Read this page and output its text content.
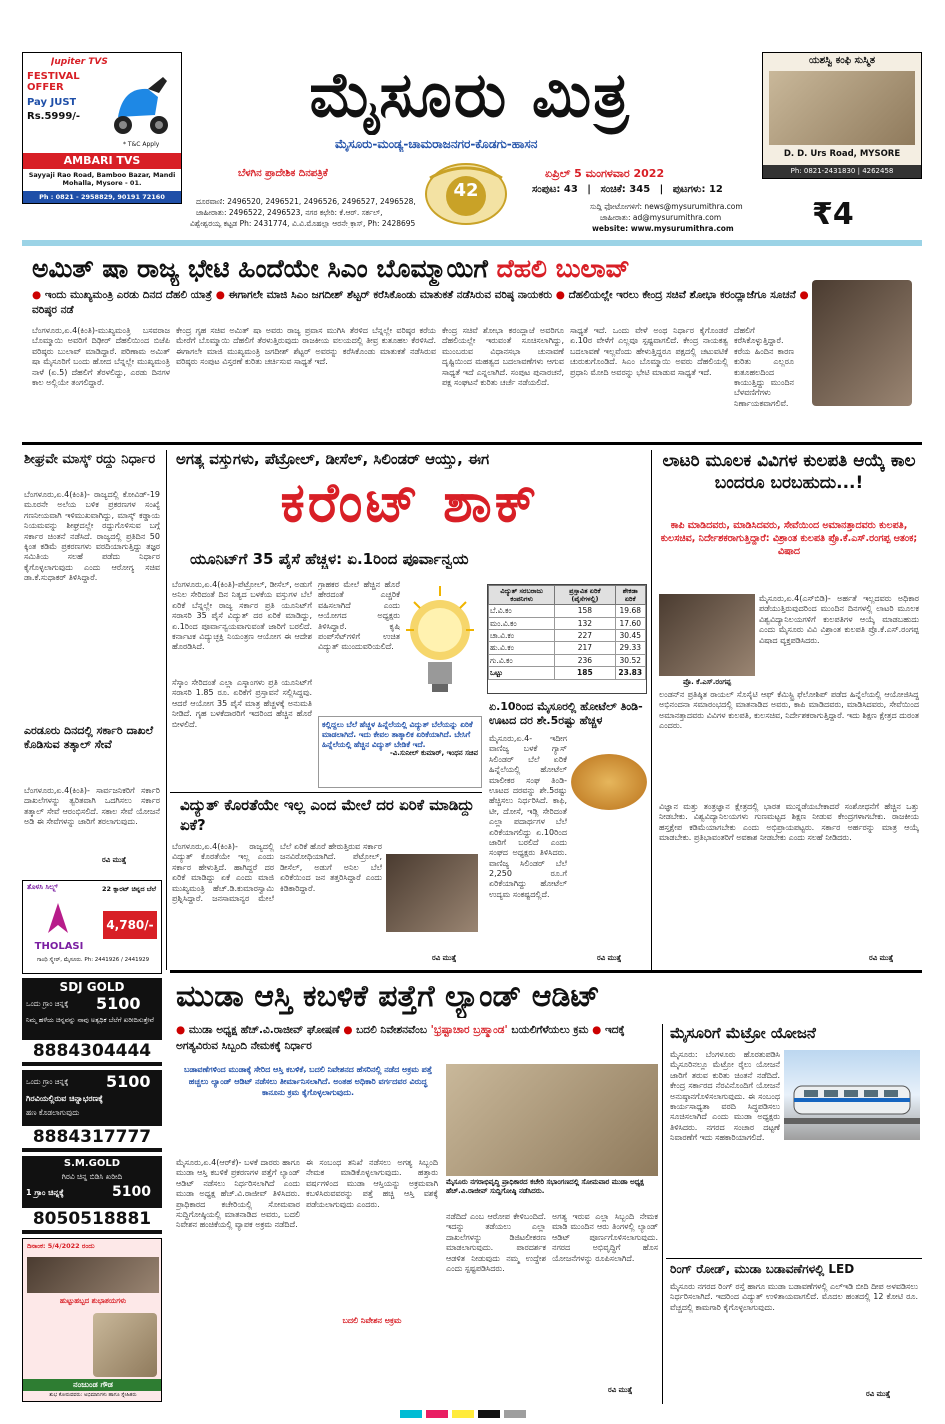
Jupiter TVS
FESTIVAL OFFER
Pay JUST
Rs.5999/-
* T&C Apply
AMBARI TVS
Sayyaji Rao Road, Bamboo Bazar, Mandi Mohalla, Mysore - 01.
Ph : 0821 - 2958829, 90191 72160
ಮೈಸೂರು ಮಿತ್ರ
ಮೈಸೂರು-ಮಂಡ್ಯ-ಚಾಮರಾಜನಗರ-ಕೊಡಗು-ಹಾಸನ
ಬೆಳಗಿನ ಪ್ರಾದೇಶಿಕ ದಿನಪತ್ರಿಕೆ
42
ಏಪ್ರಿಲ್ 5 ಮಂಗಳವಾರ 2022
ಸಂಪುಟ: 43 | ಸಂಚಿಕೆ: 345 | ಪುಟಗಳು: 12
ದೂರವಾಣಿ: 2496520, 2496521, 2496526, 2496527, 2496528,
ಜಾಹೀರಾತು: 2496522, 2496523, ನಗರ ಕಛೇರಿ: ಕೆ.ಆರ್. ಸರ್ಕಲ್,
ವಿಶ್ವೇಶ್ವರಯ್ಯ ಕಟ್ಟಡ Ph: 2431774, ವಿ.ವಿ.ಮೊಹಲ್ಲಾ ಆರನೇ ಕ್ರಾಸ್, Ph: 2428695
ಸುದ್ದಿ ಫೋಟೋಗಳಿಗೆ: news@mysurumithra.com
ಜಾಹೀರಾತು: ad@mysurumithra.com
website: www.mysurumithra.com	₹4
ಯಶಸ್ವಿ ಕಂಫಿ ಸುಸ್ಮಿತ
D. D. Urs Road, MYSORE
Ph: 0821-2431830 | 4262458
ಅಮಿತ್ ಷಾ ರಾಜ್ಯ ಭೇಟಿ ಹಿಂದೆಯೇ ಸಿಎಂ ಬೊಮ್ಮಾಯಿಗೆ ದೆಹಲಿ ಬುಲಾವ್
● ಇಂದು ಮುಖ್ಯಮಂತ್ರಿ ಎರಡು ದಿನದ ದೆಹಲಿ ಯಾತ್ರೆ ● ಈಗಾಗಲೇ ಮಾಜಿ ಸಿಎಂ ಜಗದೀಶ್ ಶೆಟ್ಟರ್ ಕರೆಸಿಕೊಂಡು ಮಾತುಕತೆ ನಡೆಸಿರುವ ವರಿಷ್ಠ ನಾಯಕರು ● ದೆಹಲಿಯಲ್ಲೇ ಇರಲು ಕೇಂದ್ರ ಸಚಿವೆ ಶೋಭಾ ಕರಂದ್ಲಾಜೆಗೂ ಸೂಚನೆ ● ವರಿಷ್ಠರ ನಡೆ
ಬೆಂಗಳೂರು,ಏ.4(ಕಿಂತಿ)-ಮುಖ್ಯಮಂತ್ರಿ ಬಸವರಾಜ ಬೊಮ್ಮಾಯಿ ಅವರಿಗೆ ದಿಢೀರ್ ದೆಹಲಿಯಿಂದ ಬಿಜೆಪಿ ವರಿಷ್ಠರು ಬುಲಾವ್ ಮಾಡಿದ್ದಾರೆ. ಪರಿಣಾಮ ಅಮಿತ್ ಷಾ ಮೈಸೂರಿಗೆ ಬಂದು ಹೋದ ಬೆನ್ನಲ್ಲೇ ಮುಖ್ಯಮಂತ್ರಿ ನಾಳೆ (ಏ.5) ದೆಹಲಿಗೆ ತೆರಳಲಿದ್ದು, ಎರಡು ದಿನಗಳ ಕಾಲ ಅಲ್ಲಿಯೇ ತಂಗಲಿದ್ದಾರೆ.
ಕೇಂದ್ರ ಗೃಹ ಸಚಿವ ಅಮಿತ್ ಷಾ ಅವರು ರಾಜ್ಯ ಪ್ರವಾಸ ಮುಗಿಸಿ ತೆರಳಿದ ಬೆನ್ನಲ್ಲೇ ವರಿಷ್ಠರ ಕರೆಯ ಮೇರೆಗೆ ಬೊಮ್ಮಾಯಿ ದೆಹಲಿಗೆ ತೆರಳುತ್ತಿರುವುದು ರಾಜಕೀಯ ವಲಯದಲ್ಲಿ ತೀವ್ರ ಕುತೂಹಲ ಕೆರಳಿಸಿದೆ. ಈಗಾಗಲೇ ಮಾಜಿ ಮುಖ್ಯಮಂತ್ರಿ ಜಗದೀಶ್ ಶೆಟ್ಟರ್ ಅವರನ್ನು ಕರೆಸಿಕೊಂಡು ಮಾತುಕತೆ ನಡೆಸಿರುವ ವರಿಷ್ಠರು ಸಂಪುಟ ವಿಸ್ತರಣೆ ಕುರಿತು ಚರ್ಚಿಸುವ ಸಾಧ್ಯತೆ ಇದೆ.
ಕೇಂದ್ರ ಸಚಿವೆ ಶೋಭಾ ಕರಂದ್ಲಾಜೆ ಅವರಿಗೂ ದೆಹಲಿಯಲ್ಲೇ ಇರುವಂತೆ ಸೂಚಿಸಲಾಗಿದ್ದು, ಮುಂಬರುವ ವಿಧಾನಸಭಾ ಚುನಾವಣೆ ದೃಷ್ಟಿಯಿಂದ ಮಹತ್ವದ ಬದಲಾವಣೆಗಳು ಆಗುವ ಸಾಧ್ಯತೆ ಇದೆ ಎನ್ನಲಾಗಿದೆ. ಸಂಪುಟ ಪುನಾರಚನೆ, ಪಕ್ಷ ಸಂಘಟನೆ ಕುರಿತು ಚರ್ಚೆ ನಡೆಯಲಿದೆ.
ಸಾಧ್ಯತೆ ಇದೆ. ಒಂದು ವೇಳೆ ಅಂಥ ನಿರ್ಧಾರ ಕೈಗೊಂಡರೆ ಏ.10ರ ವೇಳೆಗೆ ಎಲ್ಲವೂ ಸ್ಪಷ್ಟವಾಗಲಿದೆ. ಕೇಂದ್ರ ನಾಯಕತ್ವ ಬದಲಾವಣೆ ಇಲ್ಲವೆಂದು ಹೇಳುತ್ತಿದ್ದರೂ ಪಕ್ಷದಲ್ಲಿ ಚಟುವಟಿಕೆ ಚುರುಕುಗೊಂಡಿದೆ. ಸಿಎಂ ಬೊಮ್ಮಾಯಿ ಅವರು ದೆಹಲಿಯಲ್ಲಿ ಪ್ರಧಾನಿ ಮೋದಿ ಅವರನ್ನು ಭೇಟಿ ಮಾಡುವ ಸಾಧ್ಯತೆ ಇದೆ.
ದೆಹಲಿಗೆ ಕರೆಸಿಕೊಳ್ಳುತ್ತಿದ್ದಾರೆ. ಕರೆಯ ಹಿಂದಿನ ಕಾರಣ ಕುರಿತು ಎಲ್ಲರೂ ಕುತೂಹಲದಿಂದ ಕಾಯುತ್ತಿದ್ದು ಮುಂದಿನ ಬೆಳವಣಿಗೆಗಳು ನಿರ್ಣಾಯಕವಾಗಲಿವೆ.
ಶೀಘ್ರವೇ ಮಾಸ್ಕ್ ರದ್ದು ನಿರ್ಧಾರ
ಬೆಂಗಳೂರು,ಏ.4(ಕಿಂತಿ)- ರಾಜ್ಯದಲ್ಲಿ ಕೋವಿಡ್-19 ಮೂರನೇ ಅಲೆಯ ಬಳಿಕ ಪ್ರಕರಣಗಳ ಸಂಖ್ಯೆ ಗಣನೀಯವಾಗಿ ಇಳಿಮುಖವಾಗಿದ್ದು, ಮಾಸ್ಕ್ ಕಡ್ಡಾಯ ನಿಯಮವನ್ನು ಶೀಘ್ರದಲ್ಲೇ ರದ್ದುಗೊಳಿಸುವ ಬಗ್ಗೆ ಸರ್ಕಾರ ಚಿಂತನೆ ನಡೆಸಿದೆ. ರಾಜ್ಯದಲ್ಲಿ ಪ್ರತಿದಿನ 50 ಕ್ಕಿಂತ ಕಡಿಮೆ ಪ್ರಕರಣಗಳು ವರದಿಯಾಗುತ್ತಿದ್ದು ತಜ್ಞರ ಸಮಿತಿಯ ಸಲಹೆ ಪಡೆದು ನಿರ್ಧಾರ ಕೈಗೊಳ್ಳಲಾಗುವುದು ಎಂದು ಆರೋಗ್ಯ ಸಚಿವ ಡಾ.ಕೆ.ಸುಧಾಕರ್ ತಿಳಿಸಿದ್ದಾರೆ.
ಎರಡೂರು ದಿನದಲ್ಲಿ ಸರ್ಕಾರಿ ದಾಖಲೆ ಕೊಡಿಸುವ ತತ್ಕಾಲ್ ಸೇವೆ
ಬೆಂಗಳೂರು,ಏ.4(ಕಿಂತಿ)- ಸಾರ್ವಜನಿಕರಿಗೆ ಸರ್ಕಾರಿ ದಾಖಲೆಗಳನ್ನು ತ್ವರಿತವಾಗಿ ಒದಗಿಸಲು ಸರ್ಕಾರ ತತ್ಕಾಲ್ ಸೇವೆ ಆರಂಭಿಸಲಿದೆ. ಸಕಾಲ ಸೇವೆ ಯೋಜನೆ ಅಡಿ ಈ ಸೇವೆಗಳನ್ನು ಜಾರಿಗೆ ತರಲಾಗುವುದು.
ರವಿ ಮುತ್ತೈ
ಅಗತ್ಯ ವಸ್ತುಗಳು, ಪೆಟ್ರೋಲ್, ಡೀಸೆಲ್, ಸಿಲಿಂಡರ್ ಆಯ್ತು, ಈಗ
ಕರೆಂಟ್ ಶಾಕ್
ಯೂನಿಟ್‌ಗೆ 35 ಪೈಸೆ ಹೆಚ್ಚಳ: ಏ.1ರಿಂದ ಪೂರ್ವಾನ್ವಯ
ಬೆಂಗಳೂರು,ಏ.4(ಕಿಂತಿ)-ಪೆಟ್ರೋಲ್, ಡೀಸೆಲ್, ಅಡುಗೆ ಅನಿಲ ಸೇರಿದಂತೆ ದಿನ ನಿತ್ಯದ ಬಳಕೆಯ ವಸ್ತುಗಳ ಬೆಲೆ ಏರಿಕೆ ಬೆನ್ನಲ್ಲೇ ರಾಜ್ಯ ಸರ್ಕಾರ ಪ್ರತಿ ಯೂನಿಟ್‌ಗೆ ಸರಾಸರಿ 35 ಪೈಸೆ ವಿದ್ಯುತ್ ದರ ಏರಿಕೆ ಮಾಡಿದ್ದು, ಏ.1ರಿಂದ ಪೂರ್ವಾನ್ವಯವಾಗುವಂತೆ ಜಾರಿಗೆ ಬರಲಿದೆ. ಕರ್ನಾಟಕ ವಿದ್ಯುಚ್ಛಕ್ತಿ ನಿಯಂತ್ರಣ ಆಯೋಗ ಈ ಆದೇಶ ಹೊರಡಿಸಿದೆ.
ಸೆಸ್ಕಾಂ ಸೇರಿದಂತೆ ಎಲ್ಲಾ ಎಸ್ಕಾಂಗಳು ಪ್ರತಿ ಯೂನಿಟ್‌ಗೆ ಸರಾಸರಿ 1.85 ರೂ. ಏರಿಕೆಗೆ ಪ್ರಸ್ತಾವನೆ ಸಲ್ಲಿಸಿದ್ದವು. ಆದರೆ ಆಯೋಗ 35 ಪೈಸೆ ಮಾತ್ರ ಹೆಚ್ಚಳಕ್ಕೆ ಅನುಮತಿ ನೀಡಿದೆ. ಗೃಹ ಬಳಕೆದಾರರಿಗೆ ಇದರಿಂದ ಹೆಚ್ಚಿನ ಹೊರೆ ಬೀಳಲಿದೆ.
ಗ್ರಾಹಕರ ಮೇಲೆ ಹೆಚ್ಚಿನ ಹೊರೆ ಹೇರದಂತೆ ಎಚ್ಚರಿಕೆ ವಹಿಸಲಾಗಿದೆ ಎಂದು ಆಯೋಗದ ಅಧ್ಯಕ್ಷರು ತಿಳಿಸಿದ್ದಾರೆ. ಕೃಷಿ ಪಂಪ್‌ಸೆಟ್‌ಗಳಿಗೆ ಉಚಿತ ವಿದ್ಯುತ್ ಮುಂದುವರಿಯಲಿದೆ.
ಕಲ್ಲಿದ್ದಲು ಬೆಲೆ ಹೆಚ್ಚಳ ಹಿನ್ನೆಲೆಯಲ್ಲಿ ವಿದ್ಯುತ್ ಬೆಲೆಯನ್ನು ಏರಿಕೆ ಮಾಡಲಾಗಿದೆ. ಇದು ಕೇವಲ ತಾತ್ಕಾಲಿಕ ಏರಿಕೆಯಾಗಿದೆ. ಬೇಸಿಗೆ ಹಿನ್ನೆಲೆಯಲ್ಲಿ ಹೆಚ್ಚಿನ ವಿದ್ಯುತ್ ಬೇಡಿಕೆ ಇದೆ.
-ವಿ.ಸುನೀಲ್ ಕುಮಾರ್, ಇಂಧನ ಸಚಿವ
ವಿದ್ಯುತ್ ಸರಬರಾಜು ಕಂಪನಿಗಳು	ಪ್ರಸ್ತಾವಿತ ಏರಿಕೆ (ಪೈಸೆಗಳಲ್ಲಿ)	ಶೇಕಡಾ ಏರಿಕೆ
ಬೆ.ವಿ.ಕಂ	158	19.68
ಮಂ.ವಿ.ಕಂ	132	17.60
ಚಾ.ವಿ.ಕಂ	227	30.45
ಹು.ವಿ.ಕಂ	217	29.33
ಗು.ವಿ.ಕಂ	236	30.52
ಒಟ್ಟು	185	23.83
ಏ.10ರಿಂದ ಮೈಸೂರಲ್ಲಿ ಹೋಟೆಲ್ ತಿಂಡಿ-ಊಟದ ದರ ಶೇ.5ರಷ್ಟು ಹೆಚ್ಚಳ
ಮೈಸೂರು,ಏ.4- ಇದೀಗ ವಾಣಿಜ್ಯ ಬಳಕೆ ಗ್ಯಾಸ್ ಸಿಲಿಂಡರ್ ಬೆಲೆ ಏರಿಕೆ ಹಿನ್ನೆಲೆಯಲ್ಲಿ ಹೋಟೆಲ್ ಮಾಲೀಕರ ಸಂಘ ತಿಂಡಿ-ಊಟದ ದರವನ್ನು ಶೇ.5ರಷ್ಟು ಹೆಚ್ಚಿಸಲು ನಿರ್ಧರಿಸಿದೆ. ಕಾಫಿ, ಟೀ, ದೋಸೆ, ಇಡ್ಲಿ ಸೇರಿದಂತೆ ಎಲ್ಲಾ ಪದಾರ್ಥಗಳ ಬೆಲೆ ಏರಿಕೆಯಾಗಲಿದ್ದು ಏ.10ರಿಂದ ಜಾರಿಗೆ ಬರಲಿದೆ ಎಂದು ಸಂಘದ ಅಧ್ಯಕ್ಷರು ತಿಳಿಸಿದರು. ವಾಣಿಜ್ಯ ಸಿಲಿಂಡರ್ ಬೆಲೆ 2,250 ರೂ.ಗೆ ಏರಿಕೆಯಾಗಿದ್ದು ಹೋಟೆಲ್ ಉದ್ಯಮ ಸಂಕಷ್ಟದಲ್ಲಿದೆ.
ರವಿ ಮುತ್ತೈ
ವಿದ್ಯುತ್ ಕೊರತೆಯೇ ಇಲ್ಲ ಎಂದ ಮೇಲೆ ದರ ಏರಿಕೆ ಮಾಡಿದ್ದು ಏಕೆ?
ಬೆಂಗಳೂರು,ಏ.4(ಕಿಂತಿ)- ರಾಜ್ಯದಲ್ಲಿ ವಿದ್ಯುತ್ ಕೊರತೆಯೇ ಇಲ್ಲ ಎಂದು ಸರ್ಕಾರ ಹೇಳುತ್ತಿದೆ. ಹಾಗಿದ್ದರೆ ದರ ಏರಿಕೆ ಮಾಡಿದ್ದು ಏಕೆ ಎಂದು ಮಾಜಿ ಮುಖ್ಯಮಂತ್ರಿ ಹೆಚ್.ಡಿ.ಕುಮಾರಸ್ವಾಮಿ ಪ್ರಶ್ನಿಸಿದ್ದಾರೆ. ಜನಸಾಮಾನ್ಯರ ಮೇಲೆ ಬೆಲೆ ಏರಿಕೆ ಹೊರೆ ಹೇರುತ್ತಿರುವ ಸರ್ಕಾರ ಜನವಿರೋಧಿಯಾಗಿದೆ. ಪೆಟ್ರೋಲ್, ಡೀಸೆಲ್, ಅಡುಗೆ ಅನಿಲ ಬೆಲೆ ಏರಿಕೆಯಿಂದ ಜನ ತತ್ತರಿಸಿದ್ದಾರೆ ಎಂದು ಕಿಡಿಕಾರಿದ್ದಾರೆ.
ರವಿ ಮುತ್ತೈ
ಲಾಟರಿ ಮೂಲಕ ವಿವಿಗಳ ಕುಲಪತಿ ಆಯ್ಕೆ ಕಾಲ ಬಂದರೂ ಬರಬಹುದು...!
ಕಾಪಿ ಮಾಡಿದವರು, ಮಾಡಿಸಿದವರು, ಸೇವೆಯಿಂದ ಅಮಾನತ್ತಾದವರು ಕುಲಪತಿ, ಕುಲಸಚಿವ, ನಿರ್ದೇಶಕರಾಗುತ್ತಿದ್ದಾರೆ: ವಿಶ್ರಾಂತ ಕುಲಪತಿ ಪ್ರೊ.ಕೆ.ಎಸ್.ರಂಗಪ್ಪ ಆತಂಕ; ವಿಷಾದ
ಪ್ರೊ. ಕೆ.ಎಸ್.ರಂಗಪ್ಪ
ಮೈಸೂರು,ಏ.4(ಎಸ್‌ಬಿಡಿ)- ಅರ್ಹತೆ ಇಲ್ಲದವರು ಅಧಿಕಾರ ಪಡೆಯುತ್ತಿರುವುದರಿಂದ ಮುಂದಿನ ದಿನಗಳಲ್ಲಿ ಲಾಟರಿ ಮೂಲಕ ವಿಶ್ವವಿದ್ಯಾನಿಲಯಗಳಿಗೆ ಕುಲಪತಿಗಳ ಆಯ್ಕೆ ಮಾಡಬಹುದು ಎಂದು ಮೈಸೂರು ವಿವಿ ವಿಶ್ರಾಂತ ಕುಲಪತಿ ಪ್ರೊ.ಕೆ.ಎಸ್.ರಂಗಪ್ಪ ವಿಷಾದ ವ್ಯಕ್ತಪಡಿಸಿದರು.
ಲಂಡನ್‌ನ ಪ್ರತಿಷ್ಠಿತ ರಾಯಲ್ ಸೊಸೈಟಿ ಆಫ್ ಕೆಮಿಸ್ಟ್ರಿ ಫೆಲೋಶಿಪ್ ಪಡೆದ ಹಿನ್ನೆಲೆಯಲ್ಲಿ ಆಯೋಜಿಸಿದ್ದ ಅಭಿನಂದನಾ ಸಮಾರಂಭದಲ್ಲಿ ಮಾತನಾಡಿದ ಅವರು, ಕಾಪಿ ಮಾಡಿದವರು, ಮಾಡಿಸಿದವರು, ಸೇವೆಯಿಂದ ಅಮಾನತ್ತಾದವರು ವಿವಿಗಳ ಕುಲಪತಿ, ಕುಲಸಚಿವ, ನಿರ್ದೇಶಕರಾಗುತ್ತಿದ್ದಾರೆ. ಇದು ಶಿಕ್ಷಣ ಕ್ಷೇತ್ರದ ದುರಂತ ಎಂದರು.
ವಿಜ್ಞಾನ ಮತ್ತು ತಂತ್ರಜ್ಞಾನ ಕ್ಷೇತ್ರದಲ್ಲಿ ಭಾರತ ಮುನ್ನಡೆಯಬೇಕಾದರೆ ಸಂಶೋಧನೆಗೆ ಹೆಚ್ಚಿನ ಒತ್ತು ನೀಡಬೇಕು. ವಿಶ್ವವಿದ್ಯಾನಿಲಯಗಳು ಗುಣಮಟ್ಟದ ಶಿಕ್ಷಣ ನೀಡುವ ಕೇಂದ್ರಗಳಾಗಬೇಕು. ರಾಜಕೀಯ ಹಸ್ತಕ್ಷೇಪ ಕಡಿಮೆಯಾಗಬೇಕು ಎಂದು ಅಭಿಪ್ರಾಯಪಟ್ಟರು. ಸರ್ಕಾರ ಅರ್ಹರನ್ನು ಮಾತ್ರ ಆಯ್ಕೆ ಮಾಡಬೇಕು. ಪ್ರತಿಭಾವಂತರಿಗೆ ಅವಕಾಶ ನೀಡಬೇಕು ಎಂದು ಸಲಹೆ ನೀಡಿದರು.
ರವಿ ಮುತ್ತೈ
ತೊಳಸಿ ಸಿಲ್ಕ್ಸ್	22 ಕ್ಯಾರಟ್ ಚಿನ್ನದ ಬೆಲೆ
THOLASI
4,780/-
ಗಾಂಧಿ ಸ್ಕ್ವೇರ್, ಮೈಸೂರು. Ph: 2441926 / 2441929
SDJ GOLD
ಒಂದು ಗ್ರಾಂ ಚಿನ್ನಕ್ಕೆ 5100
ನಿಮ್ಮ ಹಳೆಯ ಚಿನ್ನವನ್ನು ನಾವು ಅತ್ಯಧಿಕ ಬೆಲೆಗೆ ಖರೀದಿಸುತ್ತೇವೆ
8884304444
ಒಂದು ಗ್ರಾಂ ಚಿನ್ನಕ್ಕೆ 5100
ಗಿರವಿಯಲ್ಲಿರುವ ಚಿನ್ನಾಭರಣಕ್ಕೆ
ಹಣ ಕೊಡಲಾಗುವುದು
8884317777
S.M.GOLD
ಗಿರವಿ ಚಿನ್ನ ಬಿಡಿಸಿ ಖರೀದಿ
1 ಗ್ರಾಂ ಚಿನ್ನಕ್ಕೆ	5100
8050518881
ದಿನಾಂಕ: 5/4/2022 ರಂದು
ಹುಟ್ಟುಹಬ್ಬದ ಶುಭಾಶಯಗಳು
ನಂಜುಂಡ ಗೌಡ
ಶುಭ ಕೋರುವವರು: ಅಭಿಮಾನಿಗಳು ಹಾಗೂ ಸ್ನೇಹಿತರು
ಮುಡಾ ಆಸ್ತಿ ಕಬಳಿಕೆ ಪತ್ತೆಗೆ ಲ್ಯಾಂಡ್ ಆಡಿಟ್
● ಮುಡಾ ಅಧ್ಯಕ್ಷ ಹೆಚ್.ವಿ.ರಾಜೀವ್ ಘೋಷಣೆ ● ಬದಲಿ ನಿವೇಶನವೆಂಬ 'ಭ್ರಷ್ಟಾಚಾರ ಬ್ರಹ್ಮಾಂಡ' ಬಯಲಿಗೆಳೆಯಲು ಕ್ರಮ ● ಇದಕ್ಕೆ ಅಗತ್ಯವಿರುವ ಸಿಬ್ಬಂದಿ ನೇಮಕಕ್ಕೆ ನಿರ್ಧಾರ
ಬಡಾವಣೆಗಳಿಂದ ಮುಡಾಕ್ಕೆ ಸೇರಿದ ಆಸ್ತಿ ಕಬಳಿಕೆ, ಬದಲಿ ನಿವೇಶನದ ಹೆಸರಿನಲ್ಲಿ ನಡೆದ ಅಕ್ರಮ ಪತ್ತೆ ಹಚ್ಚಲು ಲ್ಯಾಂಡ್ ಆಡಿಟ್ ನಡೆಸಲು ತೀರ್ಮಾನಿಸಲಾಗಿದೆ. ಅಂತಹ ಅಧಿಕಾರಿ ವರ್ಗದವರ ವಿರುದ್ಧ ಕಾನೂನು ಕ್ರಮ ಕೈಗೊಳ್ಳಲಾಗುವುದು.
ಮೈಸೂರು ನಗರಾಭಿವೃದ್ಧಿ ಪ್ರಾಧಿಕಾರದ ಕಚೇರಿ ಸಭಾಂಗಣದಲ್ಲಿ ಸೋಮವಾರ ಮುಡಾ ಅಧ್ಯಕ್ಷ ಹೆಚ್.ವಿ.ರಾಜೀವ್ ಸುದ್ದಿಗೋಷ್ಠಿ ನಡೆಸಿದರು.
ಮೈಸೂರು,ಏ.4(ಆರ್‌ಕೆ)- ಬಳಕೆ ದಾರರು ಹಾಗೂ ಮುಡಾ ಆಸ್ತಿ ಕಬಳಿಕೆ ಪ್ರಕರಣಗಳ ಪತ್ತೆಗೆ ಲ್ಯಾಂಡ್ ಆಡಿಟ್ ನಡೆಸಲು ನಿರ್ಧರಿಸಲಾಗಿದೆ ಎಂದು ಮುಡಾ ಅಧ್ಯಕ್ಷ ಹೆಚ್.ವಿ.ರಾಜೀವ್ ತಿಳಿಸಿದರು. ಪ್ರಾಧಿಕಾರದ ಕಚೇರಿಯಲ್ಲಿ ಸೋಮವಾರ ಸುದ್ದಿಗೋಷ್ಠಿಯಲ್ಲಿ ಮಾತನಾಡಿದ ಅವರು, ಬದಲಿ ನಿವೇಶನ ಹಂಚಿಕೆಯಲ್ಲಿ ವ್ಯಾಪಕ ಅಕ್ರಮ ನಡೆದಿದೆ.
ಈ ಸಂಬಂಧ ತನಿಖೆ ನಡೆಸಲು ಅಗತ್ಯ ಸಿಬ್ಬಂದಿ ನೇಮಕ ಮಾಡಿಕೊಳ್ಳಲಾಗುವುದು. ಹತ್ತಾರು ವರ್ಷಗಳಿಂದ ಮುಡಾ ಆಸ್ತಿಯನ್ನು ಅಕ್ರಮವಾಗಿ ಕಬಳಿಸಿರುವವರನ್ನು ಪತ್ತೆ ಹಚ್ಚಿ ಆಸ್ತಿ ವಶಕ್ಕೆ ಪಡೆಯಲಾಗುವುದು ಎಂದರು.
ಬದಲಿ ನಿವೇಶನ ಅಕ್ರಮ
ನಡೆದಿದೆ ಎಂಬ ಆರೋಪ ಕೇಳಿಬಂದಿದೆ. ಇದನ್ನು ತಡೆಯಲು ಎಲ್ಲಾ ದಾಖಲೆಗಳನ್ನು ಡಿಜಿಟಲೀಕರಣ ಮಾಡಲಾಗುವುದು. ಪಾರದರ್ಶಕ ಆಡಳಿತ ನೀಡುವುದು ನಮ್ಮ ಉದ್ದೇಶ ಎಂದು ಸ್ಪಷ್ಟಪಡಿಸಿದರು.
ಅಗತ್ಯ ಇರುವ ಎಲ್ಲಾ ಸಿಬ್ಬಂದಿ ನೇಮಕ ಮಾಡಿ ಮುಂದಿನ ಆರು ತಿಂಗಳಲ್ಲಿ ಲ್ಯಾಂಡ್ ಆಡಿಟ್ ಪೂರ್ಣಗೊಳಿಸಲಾಗುವುದು. ನಗರದ ಅಭಿವೃದ್ಧಿಗೆ ಹೊಸ ಯೋಜನೆಗಳನ್ನು ರೂಪಿಸಲಾಗಿದೆ.
ರವಿ ಮುತ್ತೈ
ಮೈಸೂರಿಗೆ ಮೆಟ್ರೋ ಯೋಜನೆ
ಮೈಸೂರು: ಬೆಂಗಳೂರು ಹೊರತುಪಡಿಸಿ ಮೈಸೂರಿನಲ್ಲೂ ಮೆಟ್ರೋ ರೈಲು ಯೋಜನೆ ಜಾರಿಗೆ ತರುವ ಕುರಿತು ಚಿಂತನೆ ನಡೆದಿದೆ. ಕೇಂದ್ರ ಸರ್ಕಾರದ ನೆರವಿನೊಂದಿಗೆ ಯೋಜನೆ ಅನುಷ್ಠಾನಗೊಳಿಸಲಾಗುವುದು. ಈ ಸಂಬಂಧ ಕಾರ್ಯಸಾಧ್ಯತಾ ವರದಿ ಸಿದ್ಧಪಡಿಸಲು ಸೂಚಿಸಲಾಗಿದೆ ಎಂದು ಮುಡಾ ಅಧ್ಯಕ್ಷರು ತಿಳಿಸಿದರು. ನಗರದ ಸಂಚಾರ ದಟ್ಟಣೆ ನಿವಾರಣೆಗೆ ಇದು ಸಹಕಾರಿಯಾಗಲಿದೆ.
ರಿಂಗ್ ರೋಡ್, ಮುಡಾ ಬಡಾವಣೆಗಳಲ್ಲಿ LED
ಮೈಸೂರು ನಗರದ ರಿಂಗ್ ರಸ್ತೆ ಹಾಗೂ ಮುಡಾ ಬಡಾವಣೆಗಳಲ್ಲಿ ಎಲ್‌ಇಡಿ ಬೀದಿ ದೀಪ ಅಳವಡಿಸಲು ನಿರ್ಧರಿಸಲಾಗಿದೆ. ಇದರಿಂದ ವಿದ್ಯುತ್ ಉಳಿತಾಯವಾಗಲಿದೆ. ಮೊದಲ ಹಂತದಲ್ಲಿ 12 ಕೋಟಿ ರೂ. ವೆಚ್ಚದಲ್ಲಿ ಕಾಮಗಾರಿ ಕೈಗೊಳ್ಳಲಾಗುವುದು.
ರವಿ ಮುತ್ತೈ
